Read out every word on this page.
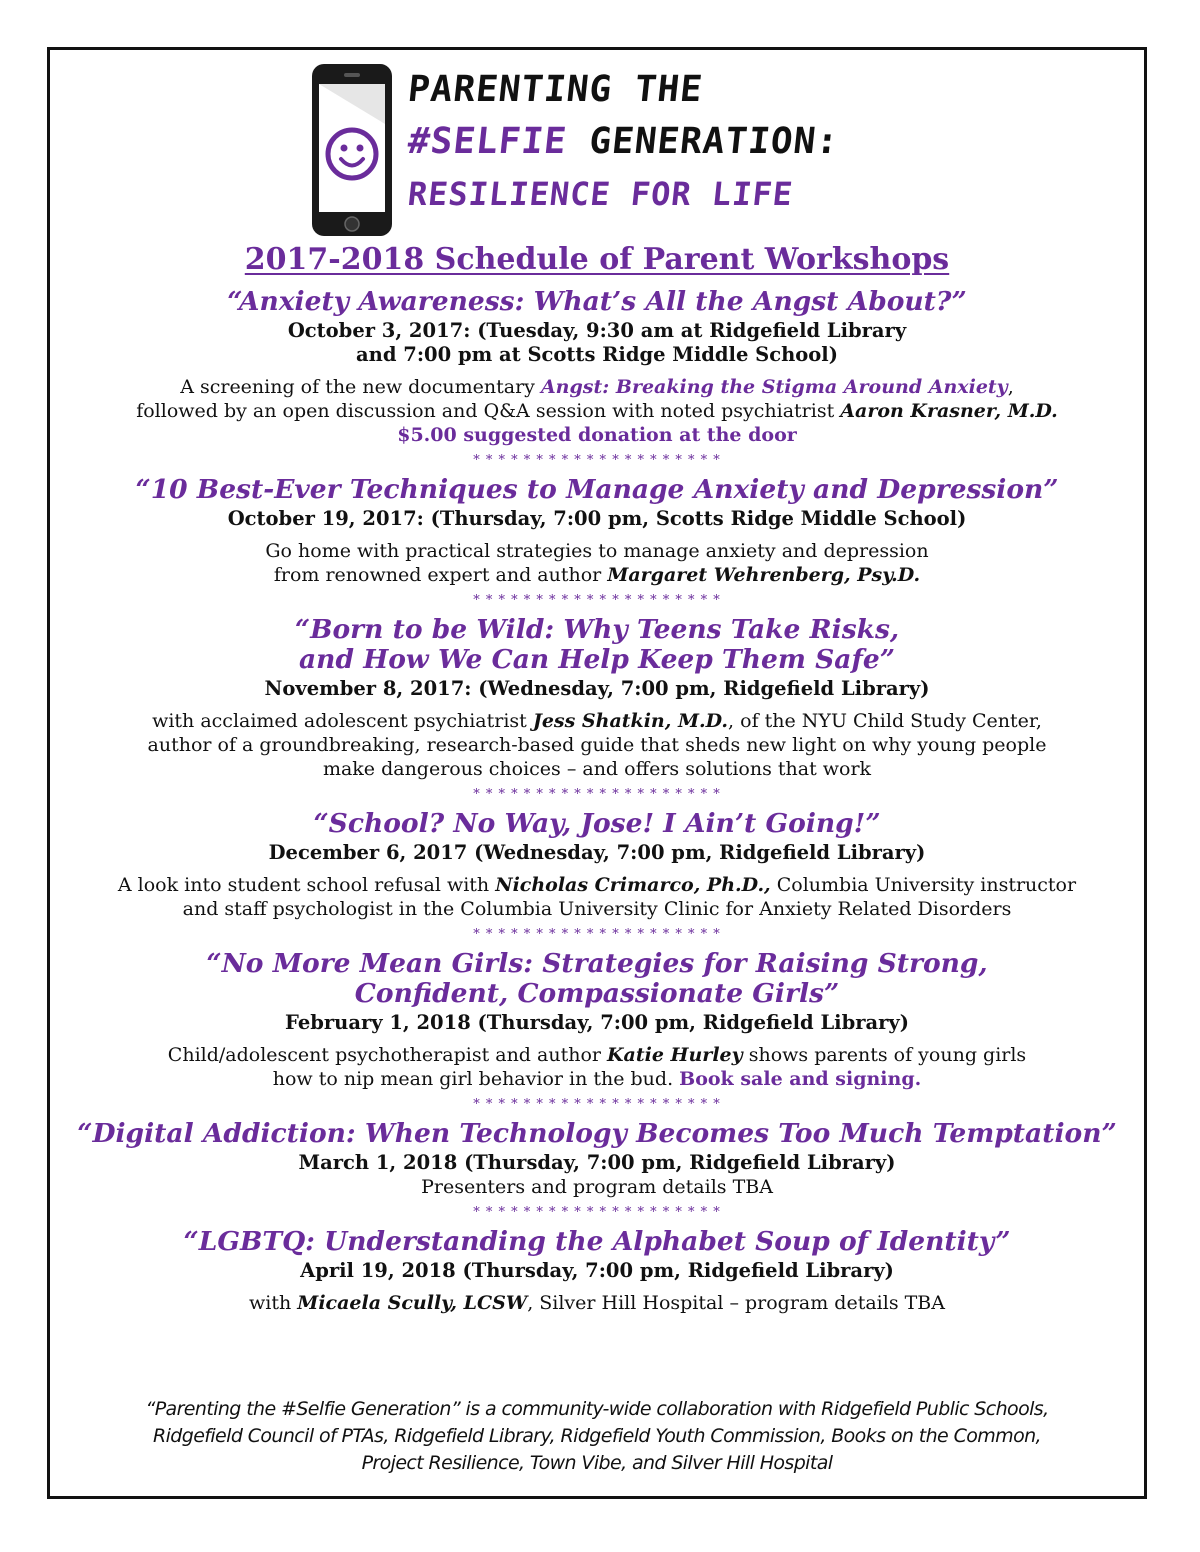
PARENTING THE
#SELFIE GENERATION:
RESILIENCE FOR LIFE

2017-2018 Schedule of Parent Workshops

“Anxiety Awareness: What’s All the Angst About?”

October 3, 2017: (Tuesday, 9:30 am at Ridgefield Library
and 7:00 pm at Scotts Ridge Middle School)

A screening of the new documentary Angst: Breaking the Stigma Around Anxiety,
followed by an open discussion and Q&A session with noted psychiatrist Aaron Krasner, M.D.
$5.00 suggested donation at the door

* * * * * * * * * * * * * * * * * * * *

“10 Best-Ever Techniques to Manage Anxiety and Depression”

October 19, 2017: (Thursday, 7:00 pm, Scotts Ridge Middle School)

Go home with practical strategies to manage anxiety and depression
from renowned expert and author Margaret Wehrenberg, Psy.D.

* * * * * * * * * * * * * * * * * * * *

“Born to be Wild: Why Teens Take Risks,
and How We Can Help Keep Them Safe”

November 8, 2017: (Wednesday, 7:00 pm, Ridgefield Library)

with acclaimed adolescent psychiatrist Jess Shatkin, M.D., of the NYU Child Study Center,
author of a groundbreaking, research-based guide that sheds new light on why young people
make dangerous choices – and offers solutions that work

* * * * * * * * * * * * * * * * * * * *

“School? No Way, Jose! I Ain’t Going!”

December 6, 2017 (Wednesday, 7:00 pm, Ridgefield Library)

A look into student school refusal with Nicholas Crimarco, Ph.D., Columbia University instructor
and staff psychologist in the Columbia University Clinic for Anxiety Related Disorders

* * * * * * * * * * * * * * * * * * * *

“No More Mean Girls: Strategies for Raising Strong,
Confident, Compassionate Girls”

February 1, 2018 (Thursday, 7:00 pm, Ridgefield Library)

Child/adolescent psychotherapist and author Katie Hurley shows parents of young girls
how to nip mean girl behavior in the bud. Book sale and signing.

* * * * * * * * * * * * * * * * * * * *

“Digital Addiction: When Technology Becomes Too Much Temptation”

March 1, 2018 (Thursday, 7:00 pm, Ridgefield Library)

Presenters and program details TBA

* * * * * * * * * * * * * * * * * * * *

“LGBTQ: Understanding the Alphabet Soup of Identity”

April 19, 2018 (Thursday, 7:00 pm, Ridgefield Library)

with Micaela Scully, LCSW, Silver Hill Hospital – program details TBA

“Parenting the #Selfie Generation” is a community-wide collaboration with Ridgefield Public Schools,
Ridgefield Council of PTAs, Ridgefield Library, Ridgefield Youth Commission, Books on the Common,
Project Resilience, Town Vibe, and Silver Hill Hospital
